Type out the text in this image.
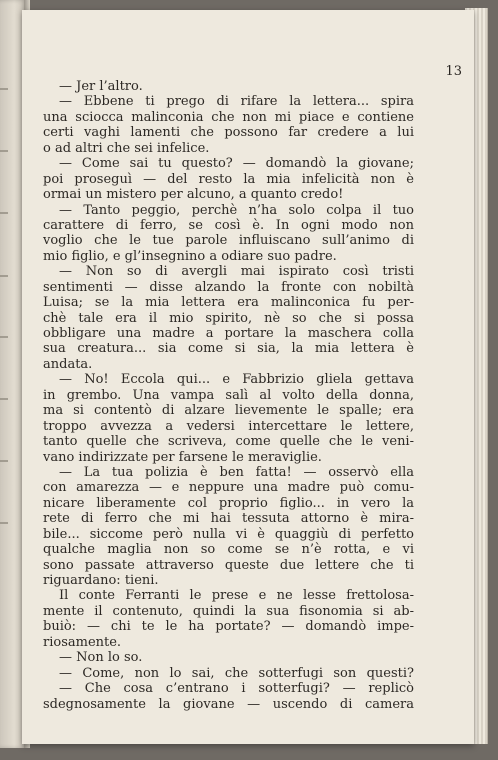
13
— Jer l’altro.
— Ebbene ti prego di rifare la lettera... spira
una sciocca malinconia che non mi piace e contiene
certi vaghi lamenti che possono far credere a lui
o ad altri che sei infelice.
— Come sai tu questo? — domandò la giovane;
poi proseguì — del resto la mia infelicità non è
ormai un mistero per alcuno, a quanto credo!
— Tanto peggio, perchè n’ha solo colpa il tuo
carattere di ferro, se così è. In ogni modo non
voglio che le tue parole influiscano sull’animo di
mio figlio, e gl’insegnino a odiare suo padre.
— Non so di avergli mai ispirato così tristi
sentimenti — disse alzando la fronte con nobiltà
Luisa; se la mia lettera era malinconica fu per-
chè tale era il mio spirito, nè so che si possa
obbligare una madre a portare la maschera colla
sua creatura... sia come si sia, la mia lettera è
andata.
— No! Eccola qui... e Fabbrizio gliela gettava
in grembo. Una vampa salì al volto della donna,
ma si contentò di alzare lievemente le spalle; era
troppo avvezza a vedersi intercettare le lettere,
tanto quelle che scriveva, come quelle che le veni-
vano indirizzate per farsene le meraviglie.
— La tua polizia è ben fatta! — osservò ella
con amarezza — e neppure una madre può comu-
nicare liberamente col proprio figlio... in vero la
rete di ferro che mi hai tessuta attorno è mira-
bile... siccome però nulla vi è quaggiù di perfetto
qualche maglia non so come se n’è rotta, e vi
sono passate attraverso queste due lettere che ti
riguardano: tieni.
Il conte Ferranti le prese e ne lesse frettolosa-
mente il contenuto, quindi la sua fisonomia si ab-
buiò: — chi te le ha portate? — domandò impe-
riosamente.
— Non lo so.
— Come, non lo sai, che sotterfugi son questi?
— Che cosa c’entrano i sotterfugi? — replicò
sdegnosamente la giovane — uscendo di camera
